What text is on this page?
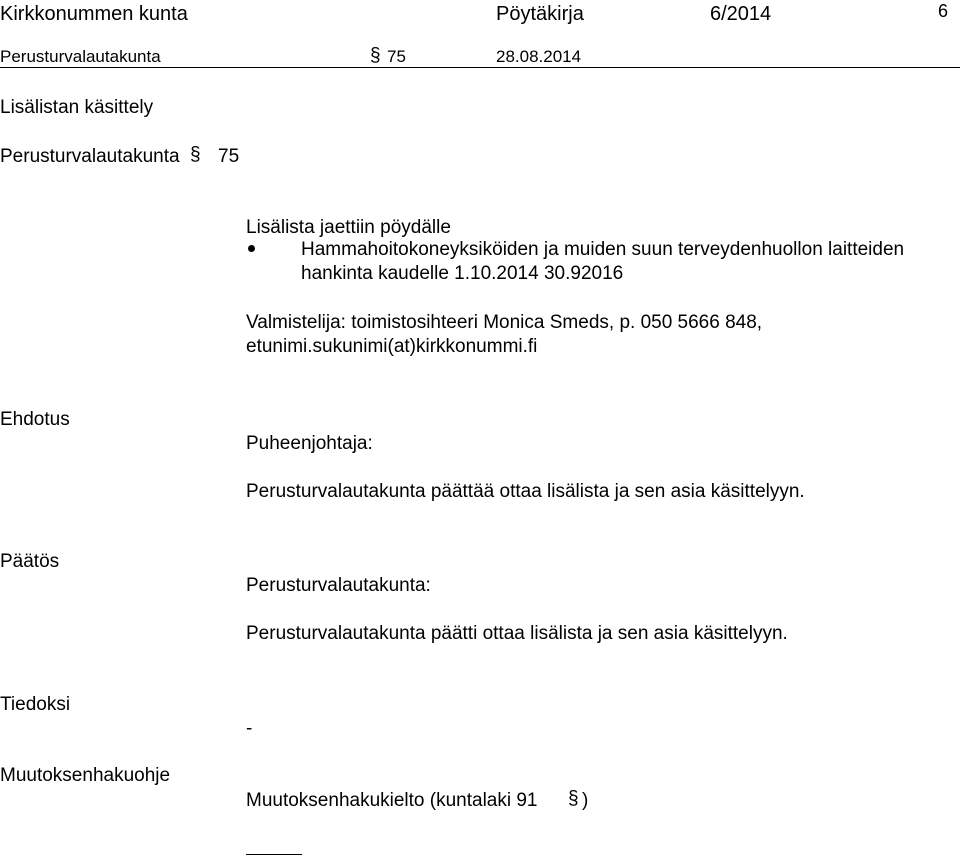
Kirkkonummen kunta	Pöytäkirja	6/2014	6
Perusturvalautakunta	§ 75	28.08.2014
Lisälistan käsittely
Perusturvalautakunta § 75
Lisälista jaettiin pöydälle
Hammahoitokoneyksiköiden ja muiden suun terveydenhuollon laitteiden
hankinta kaudelle 1.10.2014 30.92016
Valmistelija: toimistosihteeri Monica Smeds, p. 050 5666 848,
etunimi.sukunimi(at)kirkkonummi.fi
Ehdotus
Puheenjohtaja:
Perusturvalautakunta päättää ottaa lisälista ja sen asia käsittelyyn.
Päätös
Perusturvalautakunta:
Perusturvalautakunta päätti ottaa lisälista ja sen asia käsittelyyn.
Tiedoksi
-
Muutoksenhakuohje
Muutoksenhakukielto (kuntalaki 91 § )
